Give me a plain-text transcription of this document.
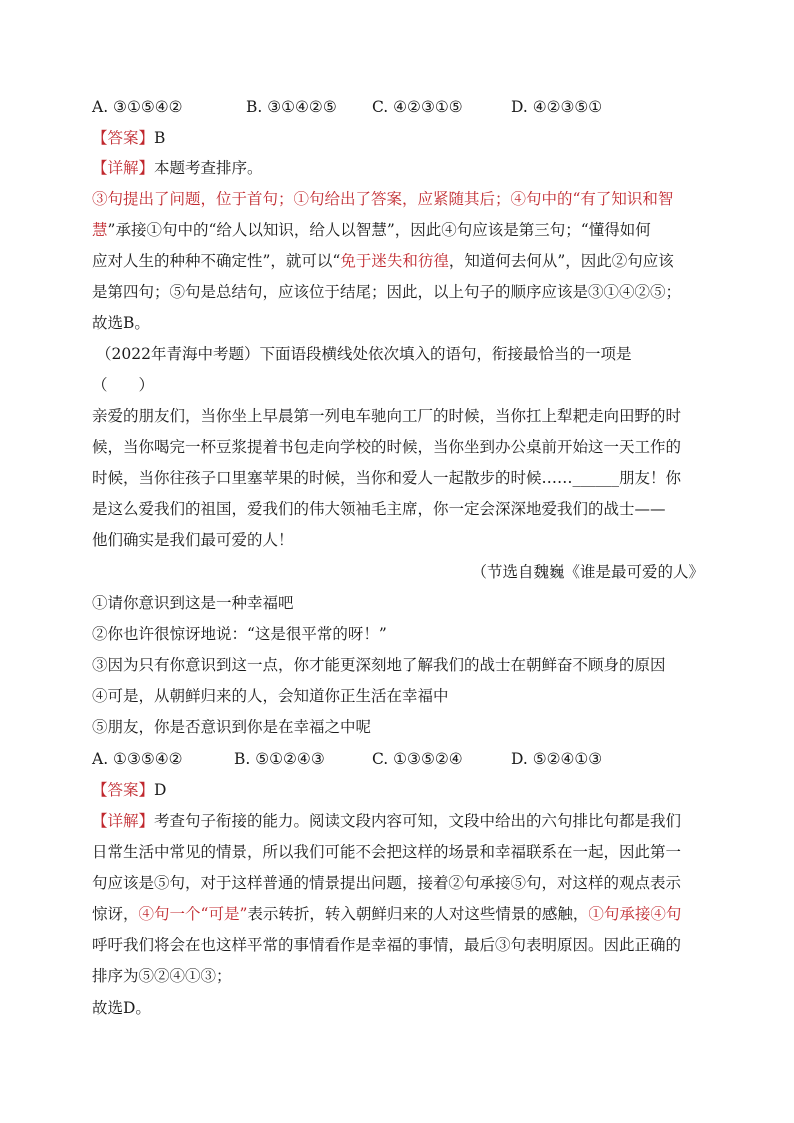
A. ③①⑤④②	B. ③①④②⑤ C. ④②③①⑤	D. ④②③⑤①
【答案】B
【详解】本题考查排序。
③句提出了问题，位于首句；①句给出了答案，应紧随其后；④句中的“有了知识和智
慧”承接①句中的“给人以知识，给人以智慧”，因此④句应该是第三句；“懂得如何
应对人生的种种不确定性”，就可以“免于迷失和彷徨，知道何去何从”，因此②句应该
是第四句；⑤句是总结句，应该位于结尾；因此，以上句子的顺序应该是③①④②⑤；
故选B。
（2022年青海中考题）下面语段横线处依次填入的语句，衔接最恰当的一项是
（　　）
亲爱的朋友们，当你坐上早晨第一列电车驰向工厂的时候，当你扛上犁耙走向田野的时
候，当你喝完一杯豆浆提着书包走向学校的时候，当你坐到办公桌前开始这一天工作的
时候，当你往孩子口里塞苹果的时候，当你和爱人一起散步的时候……______朋友！你
是这么爱我们的祖国，爱我们的伟大领袖毛主席，你一定会深深地爱我们的战士——
他们确实是我们最可爱的人！
（节选自魏巍《谁是最可爱的人》
①请你意识到这是一种幸福吧
②你也许很惊讶地说：“这是很平常的呀！”
③因为只有你意识到这一点，你才能更深刻地了解我们的战士在朝鲜奋不顾身的原因
④可是，从朝鲜归来的人，会知道你正生活在幸福中
⑤朋友，你是否意识到你是在幸福之中呢
A. ①③⑤④②	B. ⑤①②④③	C. ①③⑤②④	D. ⑤②④①③
【答案】D
【详解】考查句子衔接的能力。阅读文段内容可知，文段中给出的六句排比句都是我们
日常生活中常见的情景，所以我们可能不会把这样的场景和幸福联系在一起，因此第一
句应该是⑤句，对于这样普通的情景提出问题，接着②句承接⑤句，对这样的观点表示
惊讶，④句一个“可是”表示转折，转入朝鲜归来的人对这些情景的感触，①句承接④句
呼吁我们将会在也这样平常的事情看作是幸福的事情，最后③句表明原因。因此正确的
排序为⑤②④①③；
故选D。
